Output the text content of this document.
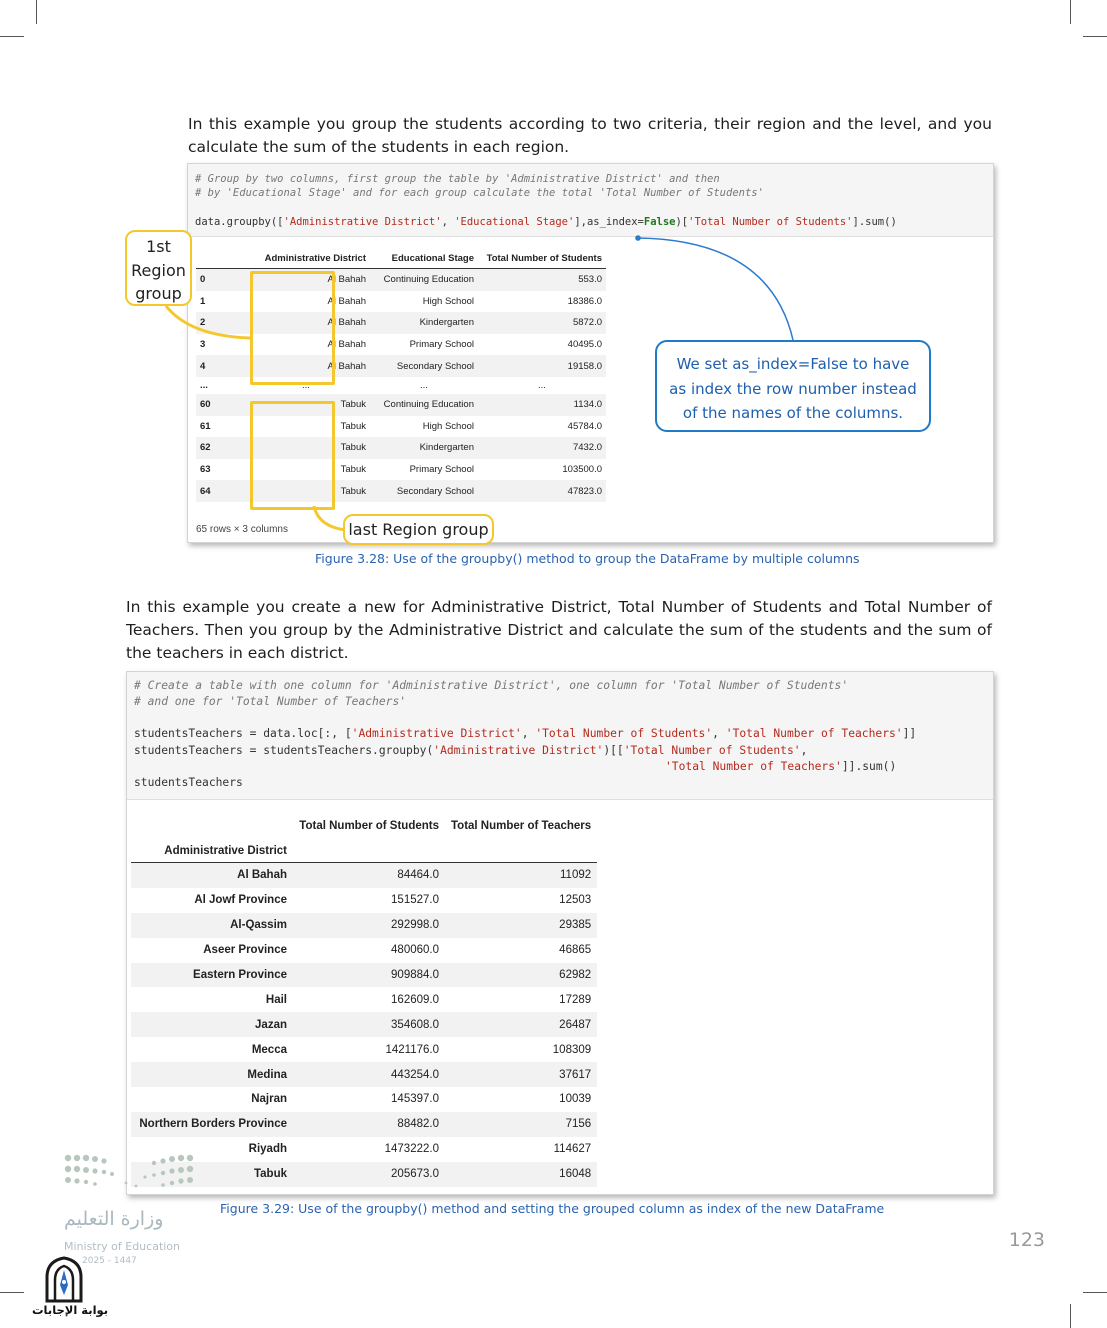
In this example you group the students according to two criteria, their region and the level, and you calculate the sum of the students in each region.
# Group by two columns, first group the table by 'Administrative District' and then
# by 'Educational Stage' and for each group calculate the total 'Total Number of Students'
data.groupby(['Administrative District', 'Educational Stage'],as_index=False)['Total Number of Students'].sum()
	Administrative District	Educational Stage	Total Number of Students
0	Al Bahah	Continuing Education	553.0
1	Al Bahah	High School	18386.0
2	Al Bahah	Kindergarten	5872.0
3	Al Bahah	Primary School	40495.0
4	Al Bahah	Secondary School	19158.0
...	...	...	...
60	Tabuk	Continuing Education	1134.0
61	Tabuk	High School	45784.0
62	Tabuk	Kindergarten	7432.0
63	Tabuk	Primary School	103500.0
64	Tabuk	Secondary School	47823.0
65 rows × 3 columns
1st Region group
last Region group
We set as_index=False to have as index the row number instead of the names of the columns.
Figure 3.28: Use of the groupby() method to group the DataFrame by multiple columns
In this example you create a new for Administrative District, Total Number of Students and Total Number of Teachers. Then you group by the Administrative District and calculate the sum of the students and the sum of the teachers in each district.
# Create a table with one column for 'Administrative District', one column for 'Total Number of Students'
# and one for 'Total Number of Teachers'
studentsTeachers = data.loc[:, ['Administrative District', 'Total Number of Students', 'Total Number of Teachers']]
studentsTeachers = studentsTeachers.groupby('Administrative District')[['Total Number of Students',
'Total Number of Teachers']].sum()
studentsTeachers
	Total Number of Students	Total Number of Teachers
Administrative District		
Al Bahah	84464.0	11092
Al Jowf Province	151527.0	12503
Al-Qassim	292998.0	29385
Aseer Province	480060.0	46865
Eastern Province	909884.0	62982
Hail	162609.0	17289
Jazan	354608.0	26487
Mecca	1421176.0	108309
Medina	443254.0	37617
Najran	145397.0	10039
Northern Borders Province	88482.0	7156
Riyadh	1473222.0	114627
Tabuk	205673.0	16048
Figure 3.29: Use of the groupby() method and setting the grouped column as index of the new DataFrame
وزارة التعليم
Ministry of Education
2025 - 1447
بوابة الإجابات
123
